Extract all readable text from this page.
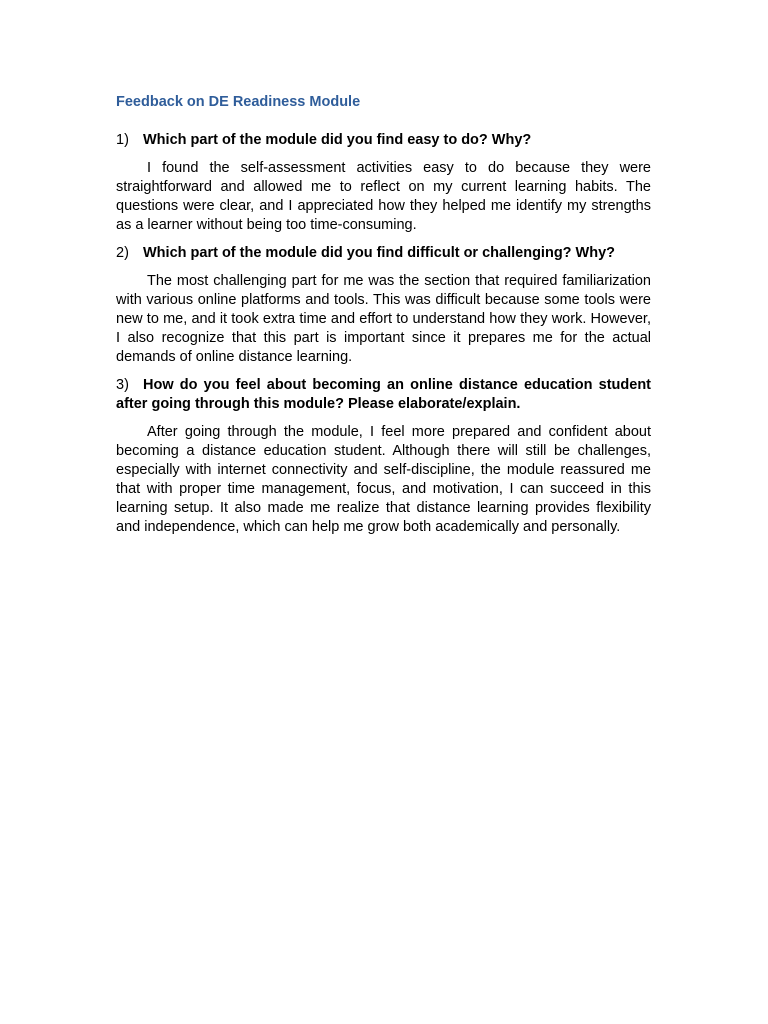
Feedback on DE Readiness Module
1) Which part of the module did you find easy to do? Why?

I found the self-assessment activities easy to do because they were straightforward and allowed me to reflect on my current learning habits. The questions were clear, and I appreciated how they helped me identify my strengths as a learner without being too time-consuming.

2) Which part of the module did you find difficult or challenging? Why?

The most challenging part for me was the section that required familiarization with various online platforms and tools. This was difficult because some tools were new to me, and it took extra time and effort to understand how they work. However, I also recognize that this part is important since it prepares me for the actual demands of online distance learning.

3) How do you feel about becoming an online distance education student after going through this module? Please elaborate/explain.

After going through the module, I feel more prepared and confident about becoming a distance education student. Although there will still be challenges, especially with internet connectivity and self-discipline, the module reassured me that with proper time management, focus, and motivation, I can succeed in this learning setup. It also made me realize that distance learning provides flexibility and independence, which can help me grow both academically and personally.
